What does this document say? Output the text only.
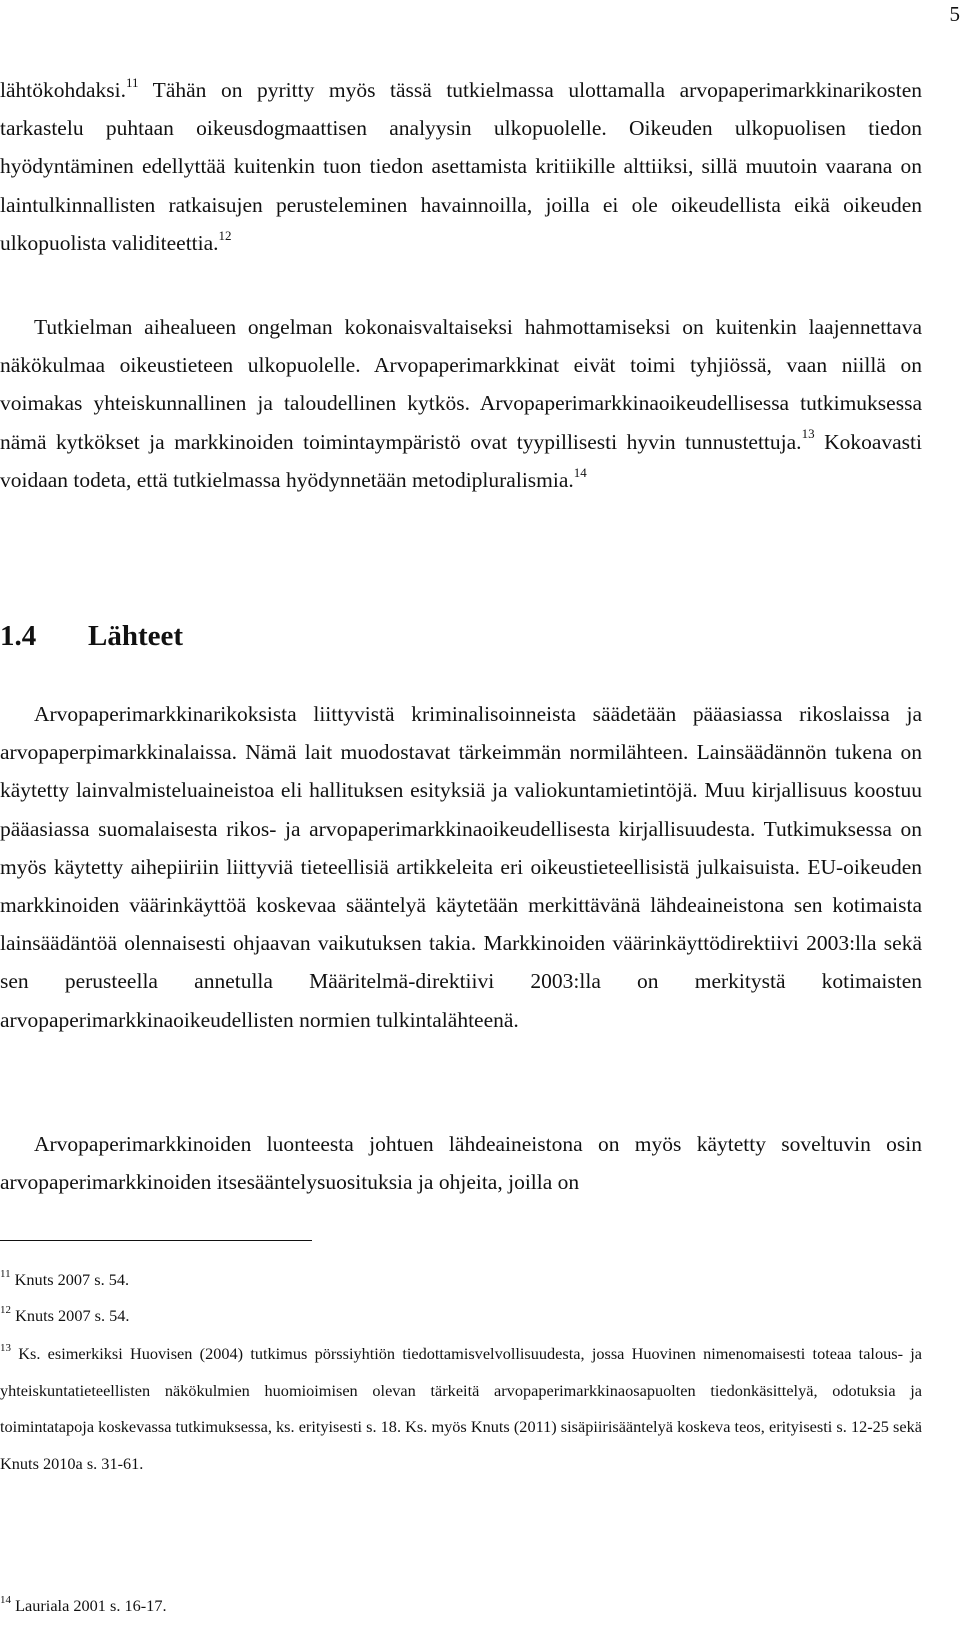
5

lähtökohdaksi.$^{11}$ Tähän on pyritty myös tässä tutkielmassa ulottamalla arvopaperimarkkinarikosten tarkastelu puhtaan oikeusdogmaattisen analyysin ulkopuolelle. Oikeuden ulkopuolisen tiedon hyödyntäminen edellyttää kuitenkin tuon tiedon asettamista kritiikille alttiiksi, sillä muutoin vaarana on laintulkinnallisten ratkaisujen perusteleminen havainnoilla, joilla ei ole oikeudellista eikä oikeuden ulkopuolista validiteettia.$^{12}$

Tutkielman aihealueen ongelman kokonaisvaltaiseksi hahmottamiseksi on kuitenkin laajennettava näkökulmaa oikeustieteen ulkopuolelle. Arvopaperimarkkinat eivät toimi tyhjiössä, vaan niillä on voimakas yhteiskunnallinen ja taloudellinen kytkös. Arvopaperimarkkinaoikeudellisessa tutkimuksessa nämä kytkökset ja markkinoiden toimintaympäristö ovat tyypillisesti hyvin tunnustettuja.$^{13}$ Kokoavasti voidaan todeta, että tutkielmassa hyödynnetään metodipluralismia.$^{14}$

1.4 Lähteet

Arvopaperimarkkinarikoksista liittyvistä kriminalisoinneista säädetään pääasiassa rikoslaissa ja arvopaperpimarkkinalaissa. Nämä lait muodostavat tärkeimmän normilähteen. Lainsäädännön tukena on käytetty lainvalmisteluaineistoa eli hallituksen esityksiä ja valiokuntamietintöjä. Muu kirjallisuus koostuu pääasiassa suomalaisesta rikos- ja arvopaperimarkkinaoikeudellisesta kirjallisuudesta. Tutkimuksessa on myös käytetty aihepiiriin liittyviä tieteellisiä artikkeleita eri oikeustieteellisistä julkaisuista. EU-oikeuden markkinoiden väärinkäyttöä koskevaa sääntelyä käytetään merkittävänä lähdeaineistona sen kotimaista lainsäädäntöä olennaisesti ohjaavan vaikutuksen takia. Markkinoiden väärinkäyttödirektiivi 2003:lla sekä sen perusteella annetulla Määritelmä-direktiivi 2003:lla on merkitystä kotimaisten arvopaperimarkkinaoikeudellisten normien tulkintalähteenä.

Arvopaperimarkkinoiden luonteesta johtuen lähdeaineistona on myös käytetty soveltuvin osin arvopaperimarkkinoiden itsesääntelysuosituksia ja ohjeita, joilla on

$^{11}$ Knuts 2007 s. 54.

$^{12}$ Knuts 2007 s. 54.

$^{13}$ Ks. esimerkiksi Huovisen (2004) tutkimus pörssiyhtiön tiedottamisvelvollisuudesta, jossa Huovinen nimenomaisesti toteaa talous- ja yhteiskuntatieteellisten näkökulmien huomioimisen olevan tärkeitä arvopaperimarkkinaosapuolten tiedonkäsittelyä, odotuksia ja toimintatapoja koskevassa tutkimuksessa, ks. erityisesti s. 18. Ks. myös Knuts (2011) sisäpiirisääntelyä koskeva teos, erityisesti s. 12-25 sekä Knuts 2010a s. 31-61.

$^{14}$ Lauriala 2001 s. 16-17.
